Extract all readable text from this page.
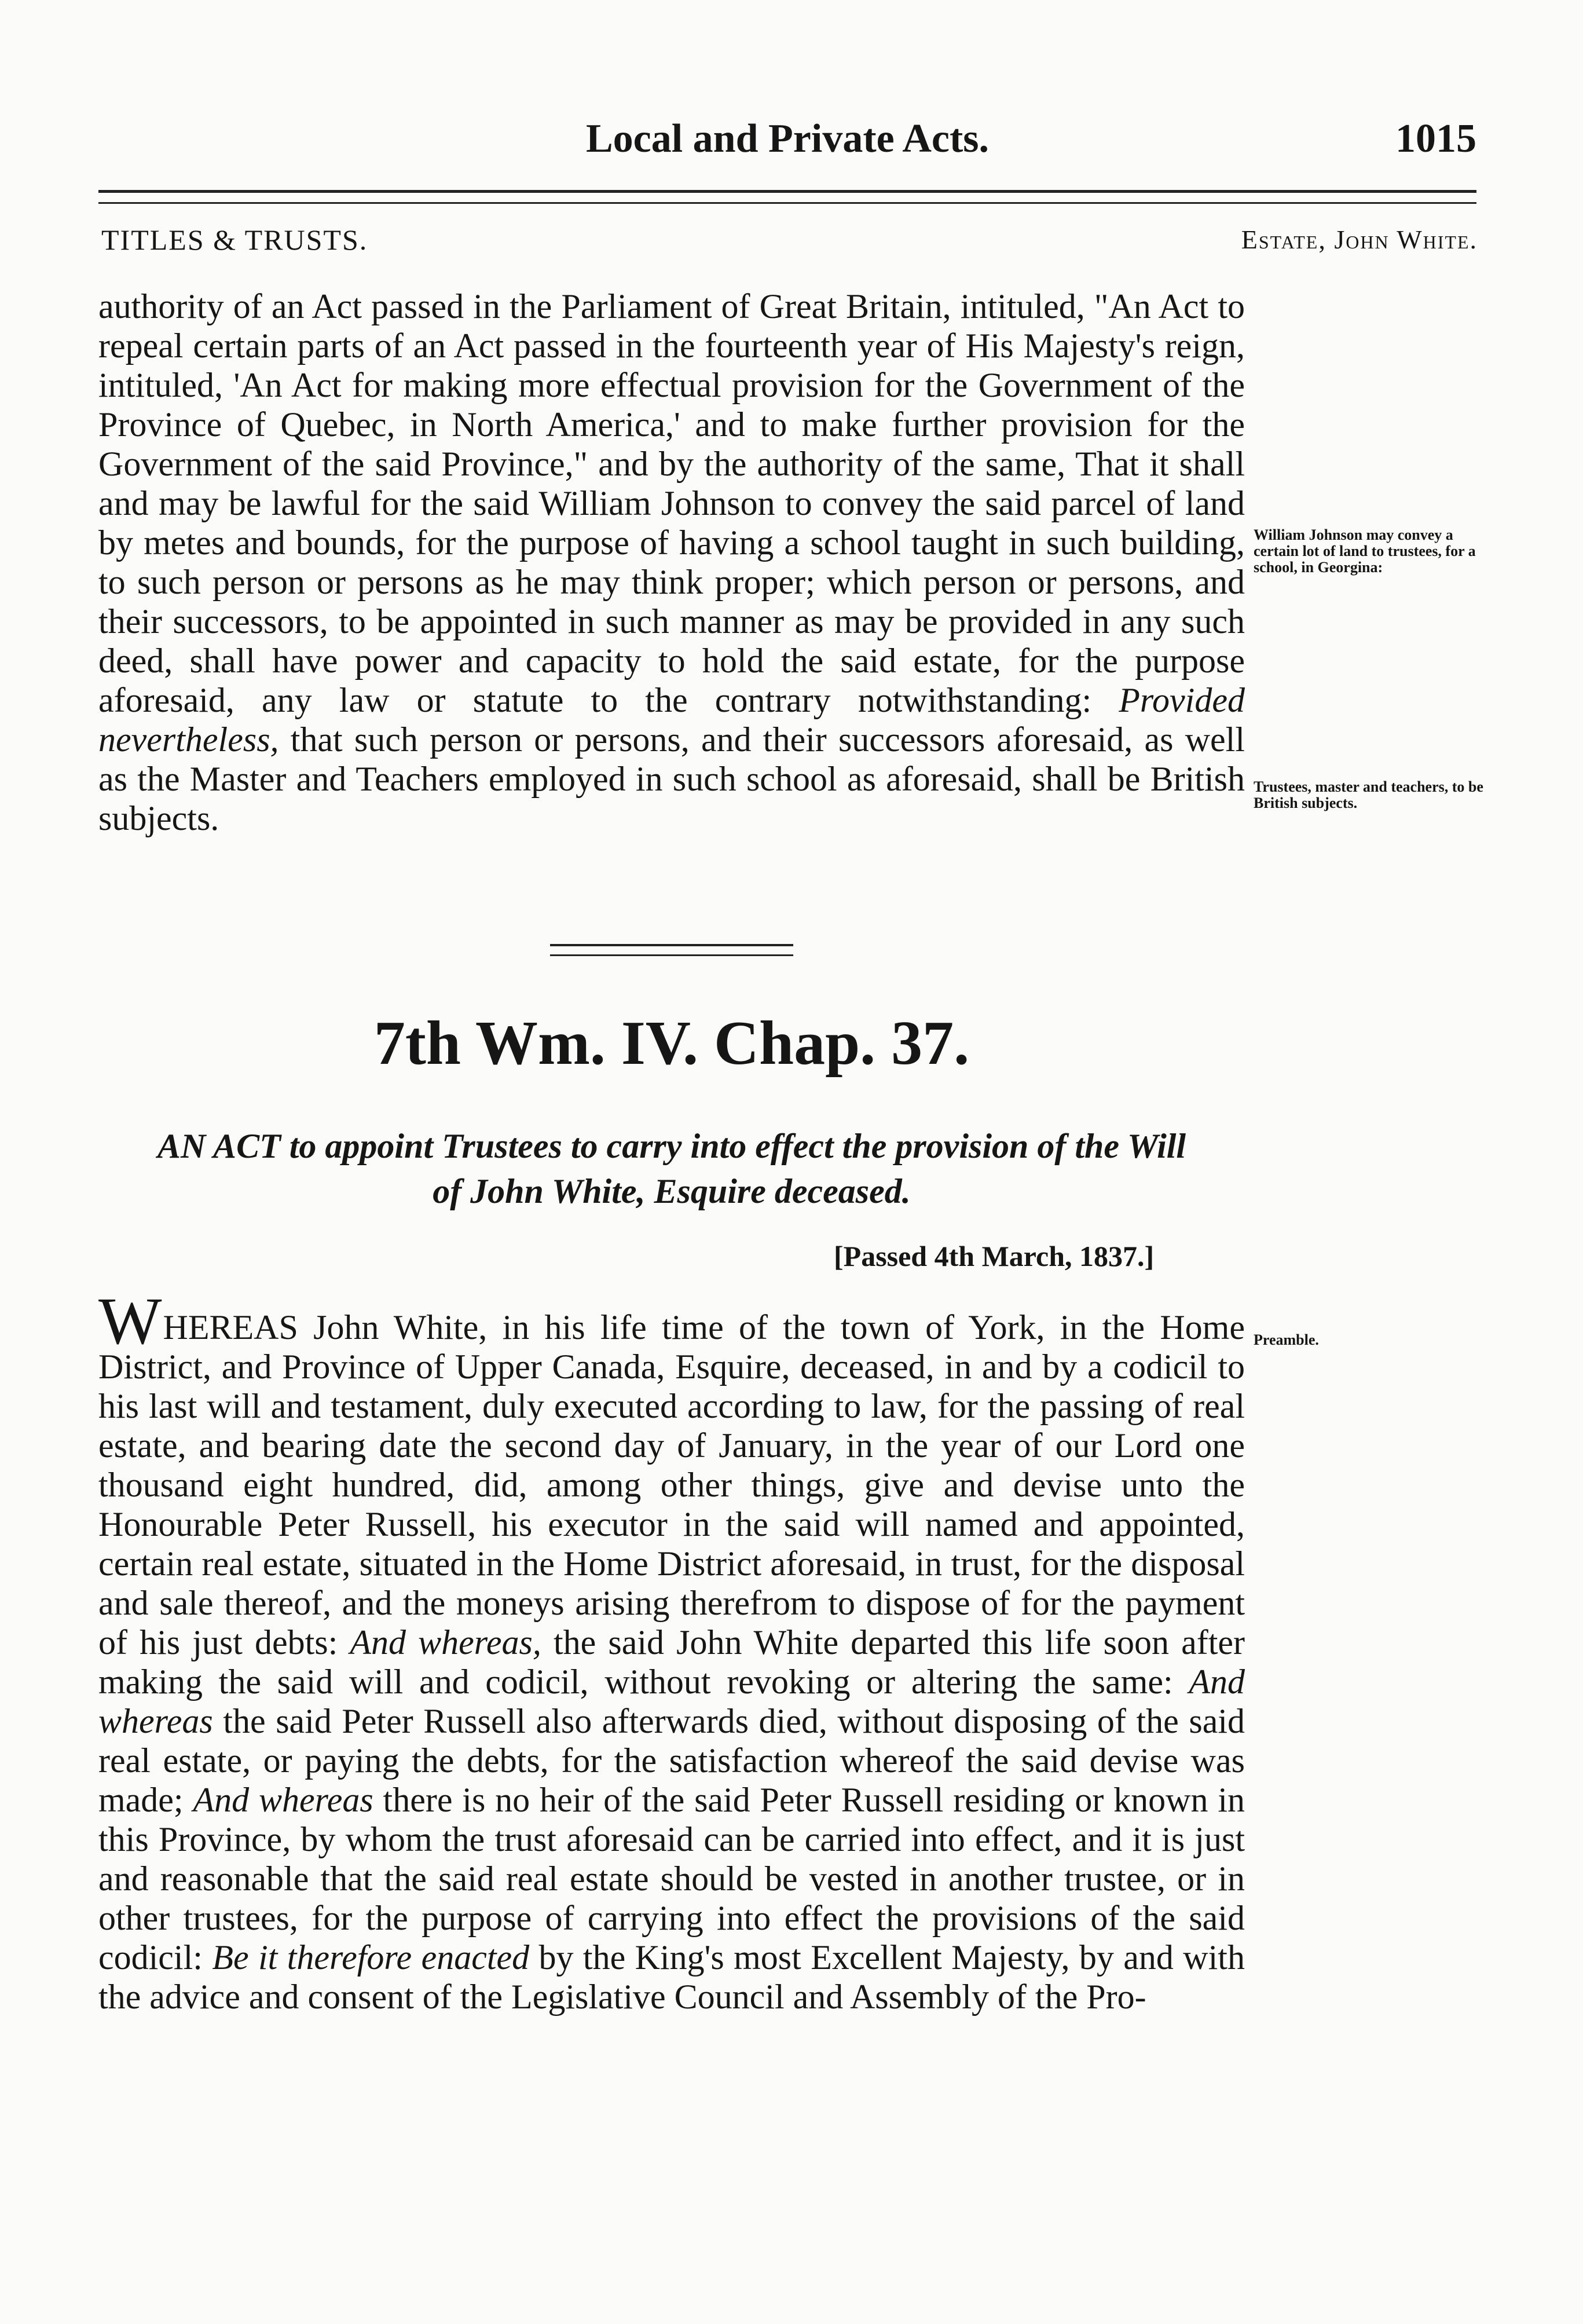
Local and Private Acts.	1015
TITLES & TRUSTS.	Estate, John White.

authority of an Act passed in the Parliament of Great Britain, intituled, "An Act to repeal certain parts of an Act passed in the fourteenth year of His Majesty's reign, intituled, 'An Act for making more effectual provision for the Government of the Province of Quebec, in North America,' and to make further provision for the Government of the said Province," and by the authority of the same, That it shall and may be lawful for the said William Johnson to convey the said parcel of land by metes and bounds, for the purpose of having a school taught in such building, to such person or persons as he may think proper; which person or persons, and their successors, to be appointed in such manner as may be provided in any such deed, shall have power and capacity to hold the said estate, for the purpose aforesaid, any law or statute to the contrary notwithstanding: Provided nevertheless, that such person or persons, and their successors aforesaid, as well as the Master and Teachers employed in such school as aforesaid, shall be British subjects.

William Johnson may convey a certain lot of land to trustees, for a school, in Georgina:

Trustees, master and teachers, to be British subjects.

7th Wm. IV. Chap. 37.

AN ACT to appoint Trustees to carry into effect the provision of the Will of John White, Esquire deceased.

[Passed 4th March, 1837.]

Preamble.

WHEREAS John White, in his life time of the town of York, in the Home District, and Province of Upper Canada, Esquire, deceased, in and by a codicil to his last will and testament, duly executed according to law, for the passing of real estate, and bearing date the second day of January, in the year of our Lord one thousand eight hundred, did, among other things, give and devise unto the Honourable Peter Russell, his executor in the said will named and appointed, certain real estate, situated in the Home District aforesaid, in trust, for the disposal and sale thereof, and the moneys arising therefrom to dispose of for the payment of his just debts: And whereas, the said John White departed this life soon after making the said will and codicil, without revoking or altering the same: And whereas the said Peter Russell also afterwards died, without disposing of the said real estate, or paying the debts, for the satisfaction whereof the said devise was made; And whereas there is no heir of the said Peter Russell residing or known in this Province, by whom the trust aforesaid can be carried into effect, and it is just and reasonable that the said real estate should be vested in another trustee, or in other trustees, for the purpose of carrying into effect the provisions of the said codicil: Be it therefore enacted by the King's most Excellent Majesty, by and with the advice and consent of the Legislative Council and Assembly of the Pro-
